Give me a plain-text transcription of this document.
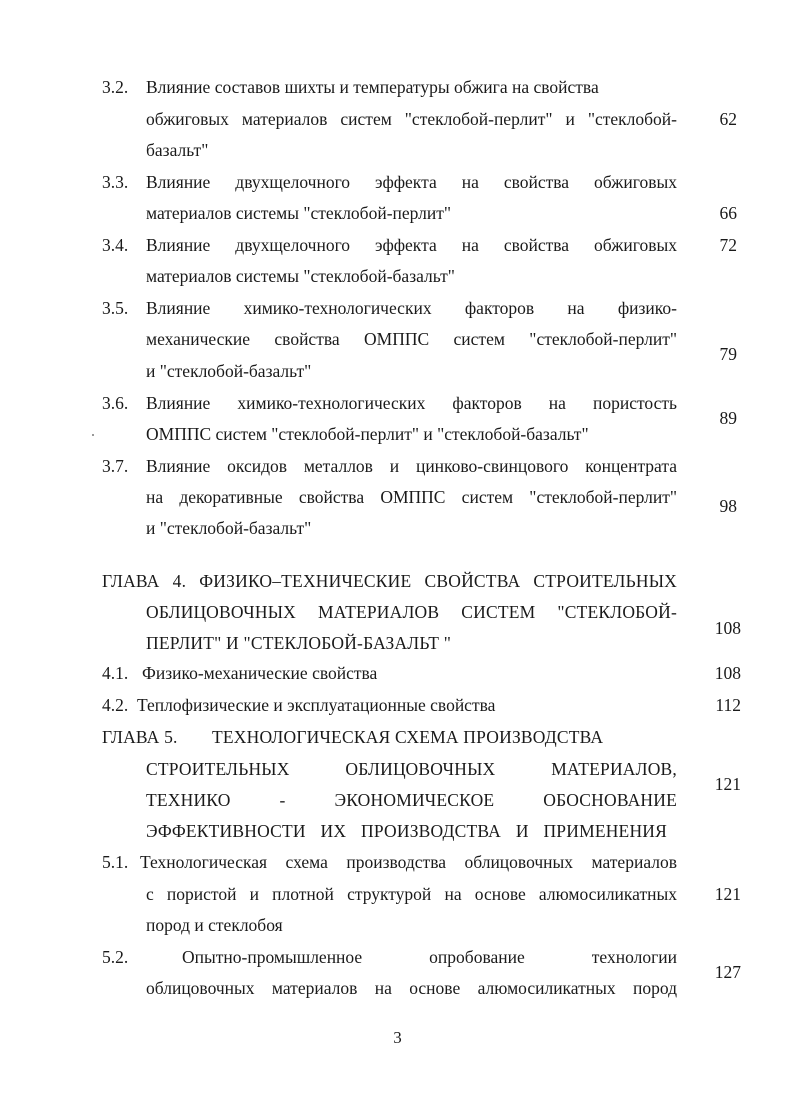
3.2. Влияние составов шихты и температуры обжига на свойства
обжиговых материалов систем "стеклобой-перлит" и "стеклобой-
базальт"
62
3.3. Влияние двухщелочного эффекта на свойства обжиговых
материалов системы "стеклобой-перлит"	66
3.4. Влияние двухщелочного эффекта на свойства обжиговых
материалов системы "стеклобой-базальт"
72
3.5. Влияние химико-технологических факторов на физико-
механические свойства ОМППС систем "стеклобой-перлит"
и "стеклобой-базальт"
79
3.6. Влияние химико-технологических факторов на пористость
ОМППС систем "стеклобой-перлит" и "стеклобой-базальт"
89
3.7. Влияние оксидов металлов и цинково-свинцового концентрата
на декоративные свойства ОМППС систем "стеклобой-перлит"
и "стеклобой-базальт"
98
ГЛАВА 4. ФИЗИКО–ТЕХНИЧЕСКИЕ СВОЙСТВА СТРОИТЕЛЬНЫХ
ОБЛИЦОВОЧНЫХ МАТЕРИАЛОВ СИСТЕМ "СТЕКЛОБОЙ-
ПЕРЛИТ" И "СТЕКЛОБОЙ-БАЗАЛЬТ "
108
4.1. Физико-механические свойства	108
4.2. Теплофизические и эксплуатационные свойства	112
ГЛАВА 5. ТЕХНОЛОГИЧЕСКАЯ СХЕМА ПРОИЗВОДСТВА
СТРОИТЕЛЬНЫХ ОБЛИЦОВОЧНЫХ МАТЕРИАЛОВ,
ТЕХНИКО - ЭКОНОМИЧЕСКОЕ ОБОСНОВАНИЕ
ЭФФЕКТИВНОСТИ ИХ ПРОИЗВОДСТВА И ПРИМЕНЕНИЯ
121
5.1. Технологическая схема производства облицовочных материалов
с пористой и плотной структурой на основе алюмосиликатных
пород и стеклобоя
121
5.2.	Опытно-промышленное опробование технологии
облицовочных материалов на основе алюмосиликатных пород
127
3
